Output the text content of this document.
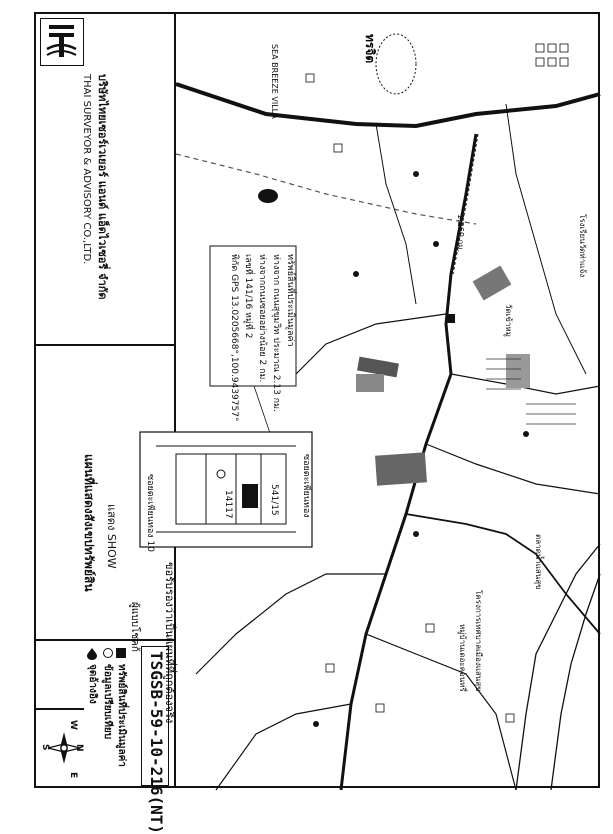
บริษัทไทยเซอร์เวเยอร์ แอนด์ แอ็ดไวเซอรี่ จำกัด
THAI SURVEYOR & ADVISORY CO.,LTD.
แสดง SHOW
แผนที่แสดงสังเขปทรัพย์สิน
TSGSB-59-10-216(NT)
ทรัพย์สินที่ประเมินมูลค่า
ข้อมูลเปรียบเทียบ
จุดอ้างอิง
W
E
N
S
ทรัพย์สินที่ประเมินมูลค่า
ห่างจาก ถนนสุขุมวิท ประมาณ 2.13 กม.
ห่างจากถนนซอยอย่างน้อย 2 กม.
เลขที่ 141/16 หมู่ที่ 2
พิกัด GPS 13.0205668°,100.9439757°
ซอยตะเพียนทอง
ซอยตะเพียนทอง 10	14117	541/15
ขอรับรองว่าเป็นแผนที่ที่ถูกต้องจริง
ผู้แบบโชคก้
SEA BREEZE VILLA	ทรจิต
1.260 กม.	โรงเรียนวัดท่าเเจ้ง
วัดเข้าหมู
โครงการเทศบาลเมืองแสนสุข
หมู่บ้านเดอะคอนทรี่
ตลาดน้ำแสนสุข
